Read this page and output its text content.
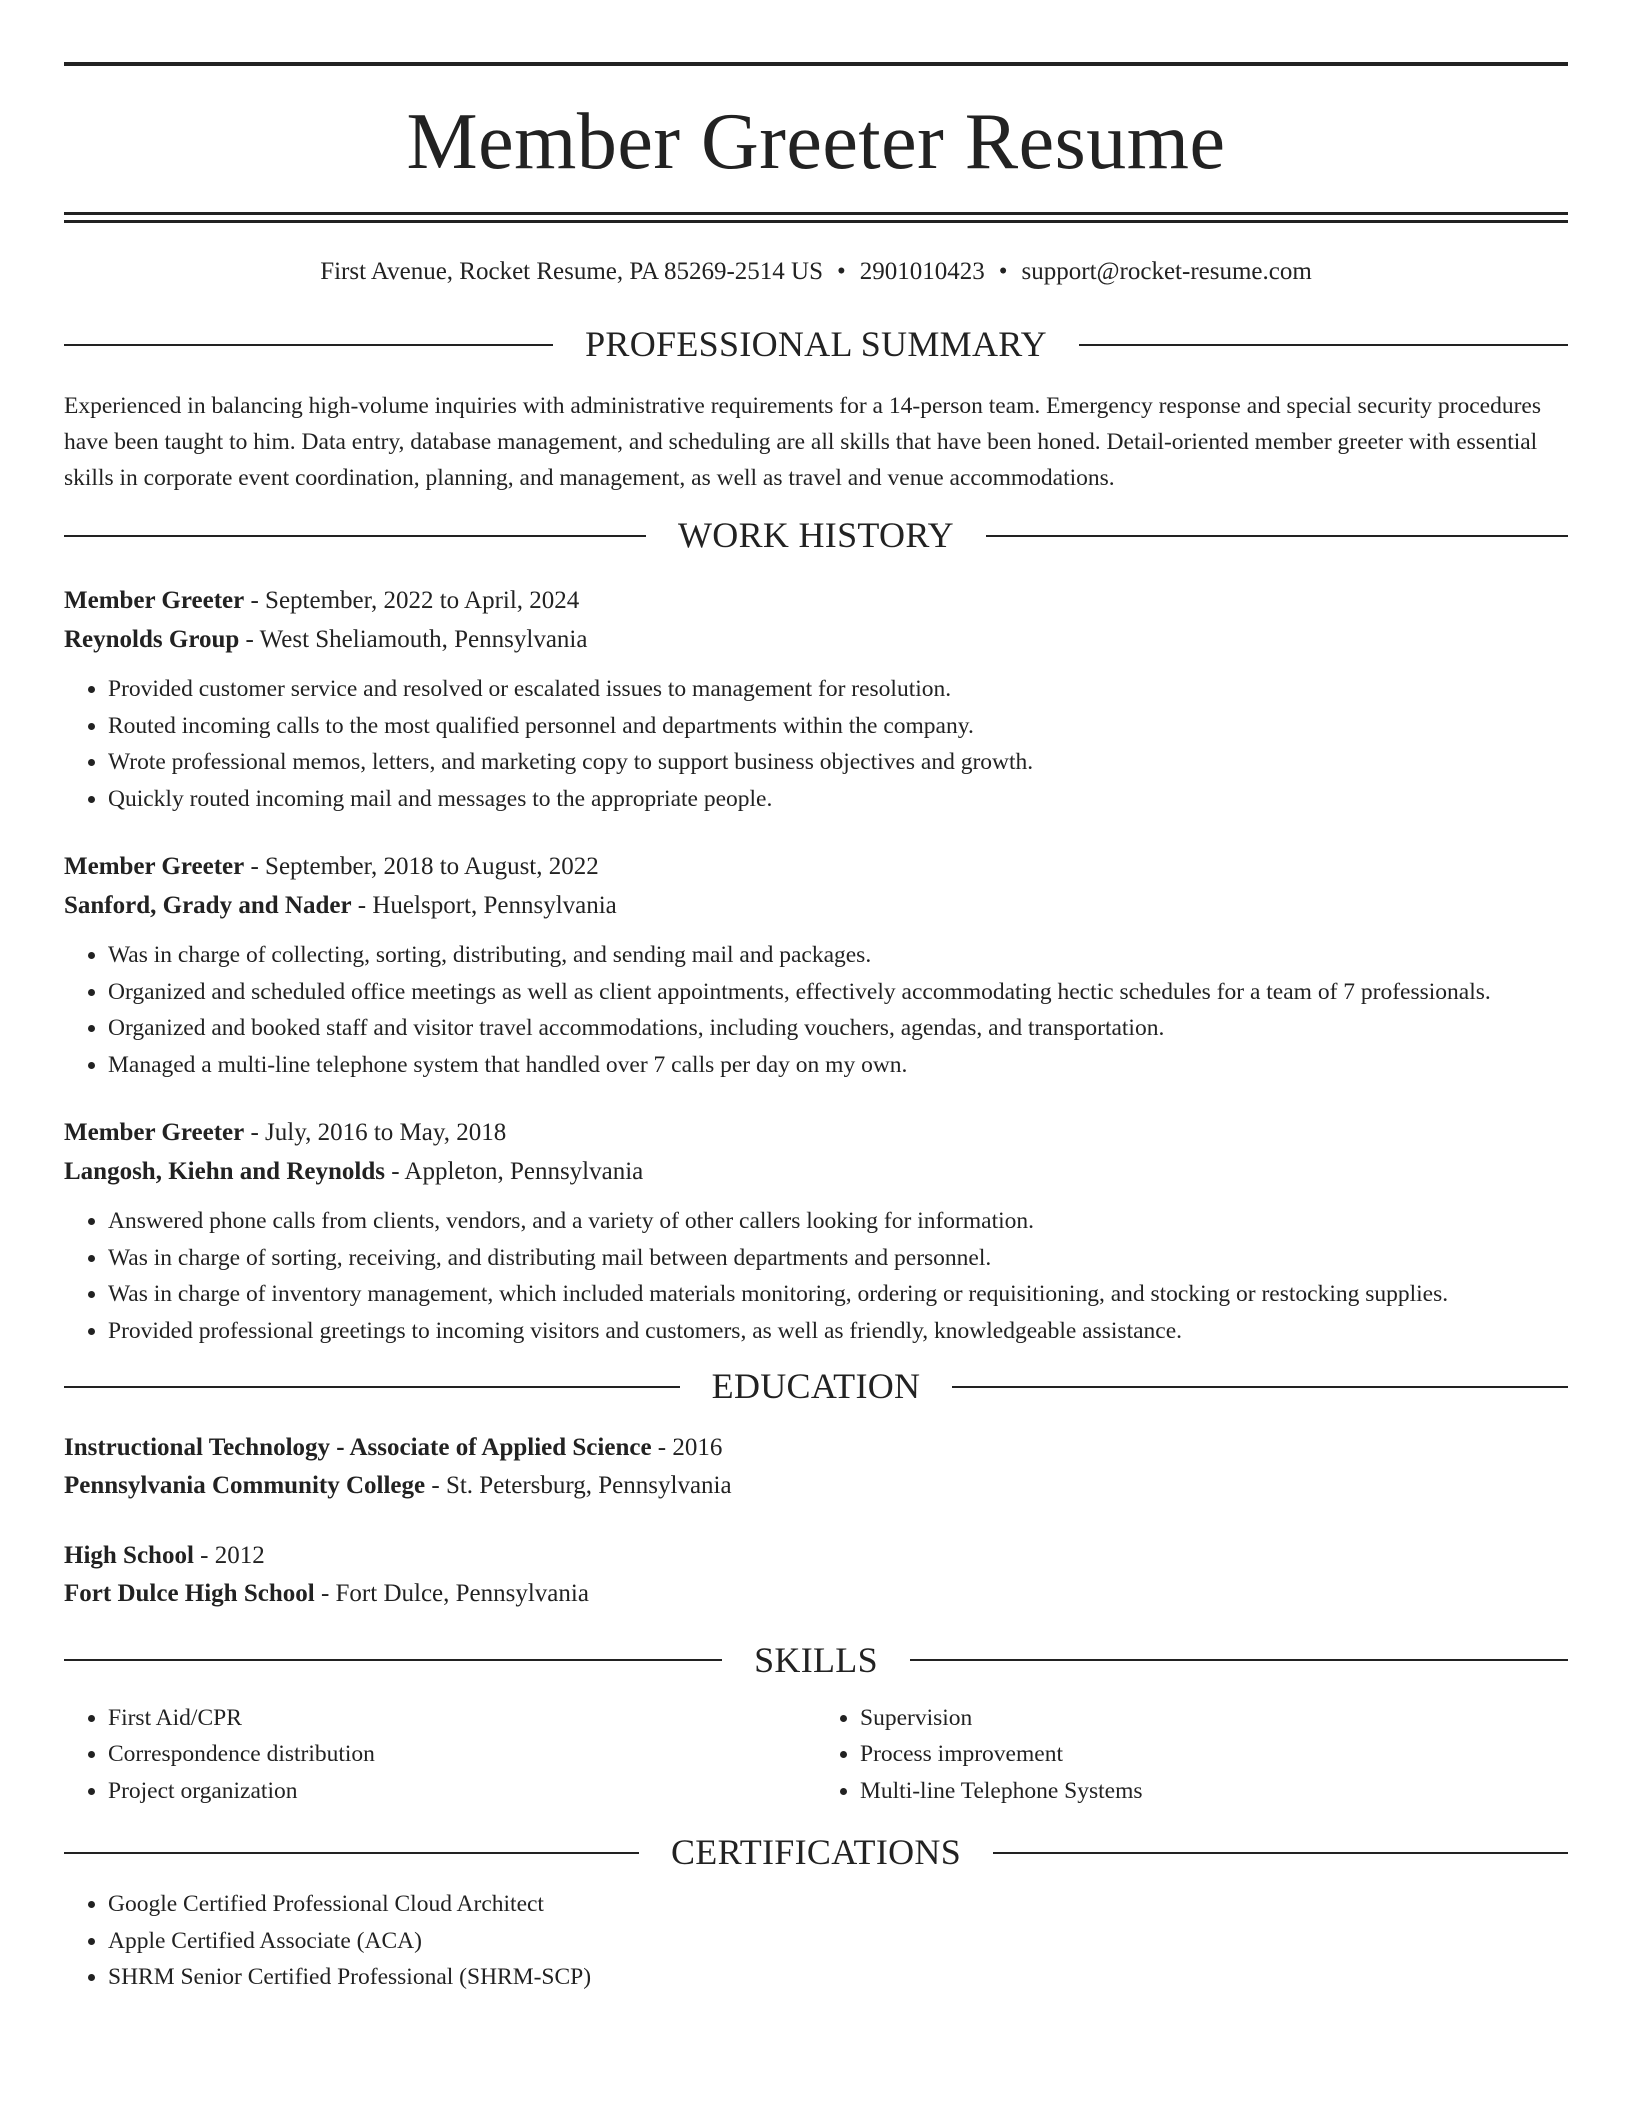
Member Greeter Resume
First Avenue, Rocket Resume, PA 85269-2514 US • 2901010423 • support@rocket-resume.com
PROFESSIONAL SUMMARY

Experienced in balancing high-volume inquiries with administrative requirements for a 14-person team. Emergency response and special security procedures have been taught to him. Data entry, database management, and scheduling are all skills that have been honed. Detail-oriented member greeter with essential skills in corporate event coordination, planning, and management, as well as travel and venue accommodations.

WORK HISTORY
Member Greeter - September, 2022 to April, 2024
Reynolds Group - West Sheliamouth, Pennsylvania
• Provided customer service and resolved or escalated issues to management for resolution.
• Routed incoming calls to the most qualified personnel and departments within the company.
• Wrote professional memos, letters, and marketing copy to support business objectives and growth.
• Quickly routed incoming mail and messages to the appropriate people.
Member Greeter - September, 2018 to August, 2022
Sanford, Grady and Nader - Huelsport, Pennsylvania
• Was in charge of collecting, sorting, distributing, and sending mail and packages.
• Organized and scheduled office meetings as well as client appointments, effectively accommodating hectic schedules for a team of 7 professionals.
• Organized and booked staff and visitor travel accommodations, including vouchers, agendas, and transportation.
• Managed a multi-line telephone system that handled over 7 calls per day on my own.
Member Greeter - July, 2016 to May, 2018
Langosh, Kiehn and Reynolds - Appleton, Pennsylvania
• Answered phone calls from clients, vendors, and a variety of other callers looking for information.
• Was in charge of sorting, receiving, and distributing mail between departments and personnel.
• Was in charge of inventory management, which included materials monitoring, ordering or requisitioning, and stocking or restocking supplies.
• Provided professional greetings to incoming visitors and customers, as well as friendly, knowledgeable assistance.
EDUCATION
Instructional Technology - Associate of Applied Science - 2016
Pennsylvania Community College - St. Petersburg, Pennsylvania
High School - 2012
Fort Dulce High School - Fort Dulce, Pennsylvania
SKILLS
• First Aid/CPR
• Correspondence distribution
• Project organization
• Supervision
• Process improvement
• Multi-line Telephone Systems
CERTIFICATIONS
• Google Certified Professional Cloud Architect
• Apple Certified Associate (ACA)
• SHRM Senior Certified Professional (SHRM-SCP)
